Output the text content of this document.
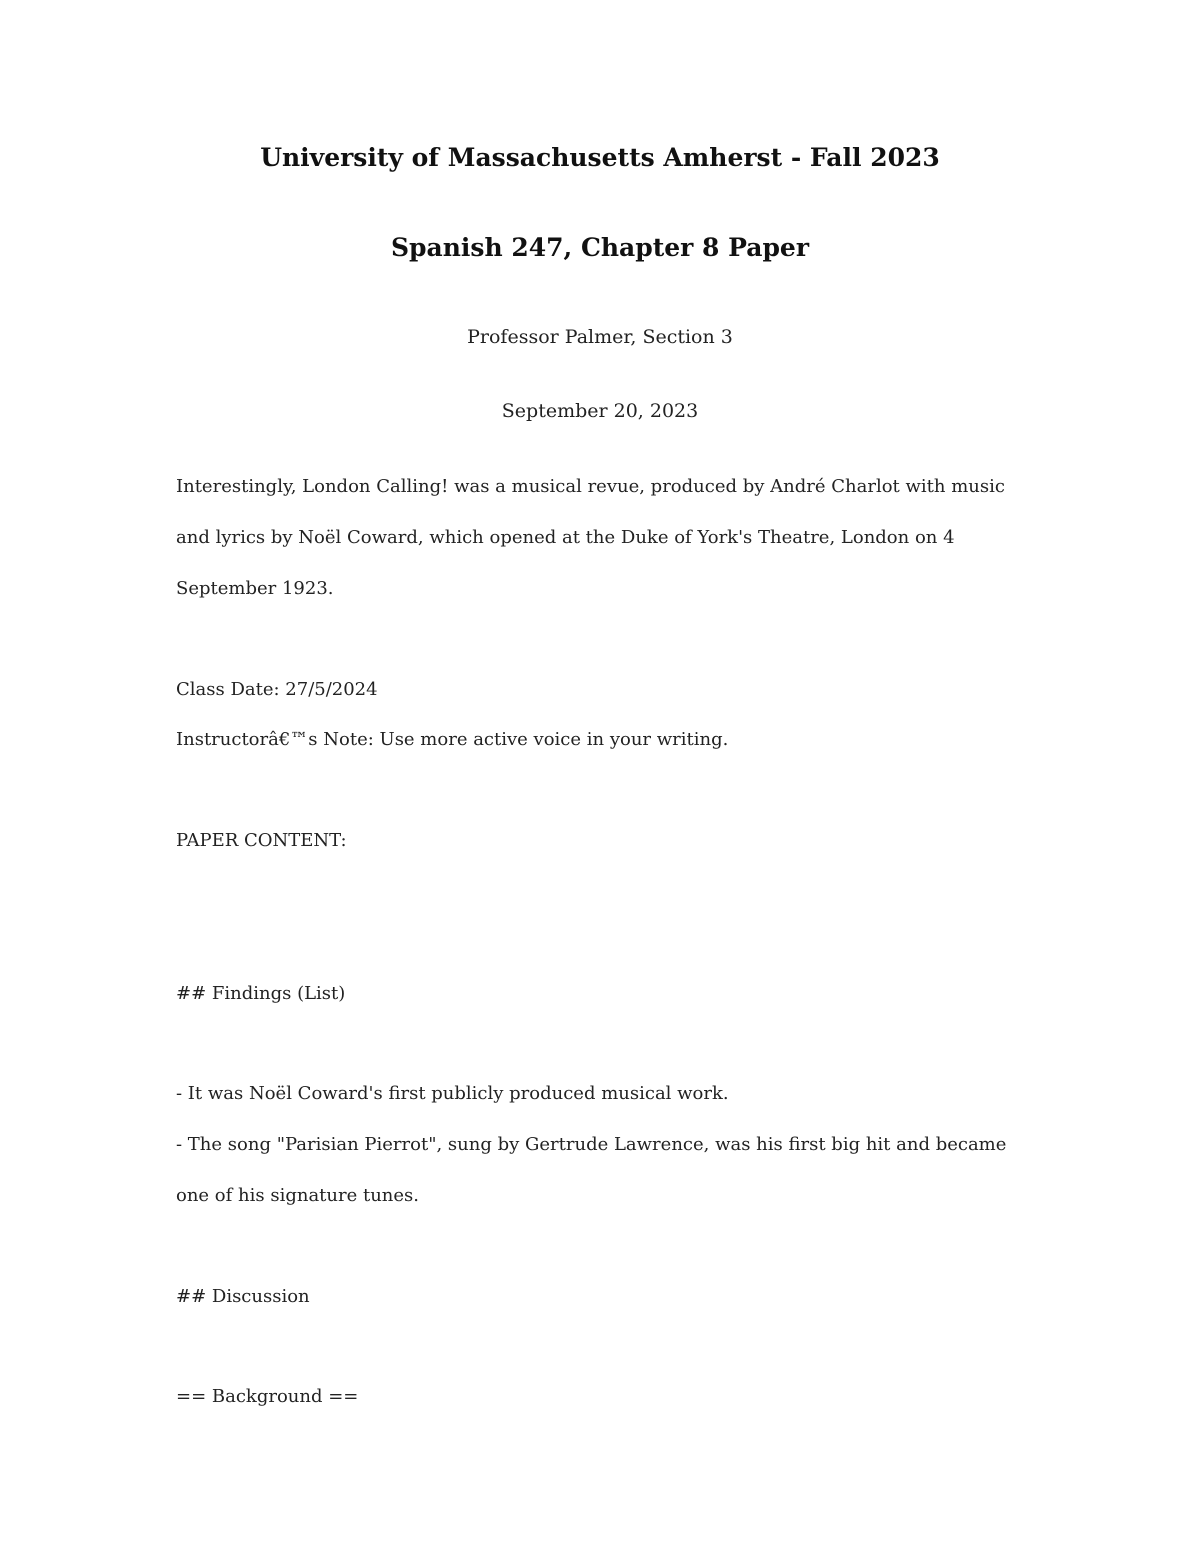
University of Massachusetts Amherst - Fall 2023
Spanish 247, Chapter 8 Paper
Professor Palmer, Section 3
September 20, 2023
Interestingly, London Calling! was a musical revue, produced by André Charlot with music
and lyrics by Noël Coward, which opened at the Duke of York's Theatre, London on 4
September 1923.
Class Date: 27/5/2024
Instructorâ€™s Note: Use more active voice in your writing.
PAPER CONTENT:
## Findings (List)
- It was Noël Coward's first publicly produced musical work.
- The song "Parisian Pierrot", sung by Gertrude Lawrence, was his first big hit and became
one of his signature tunes.
## Discussion
== Background ==
